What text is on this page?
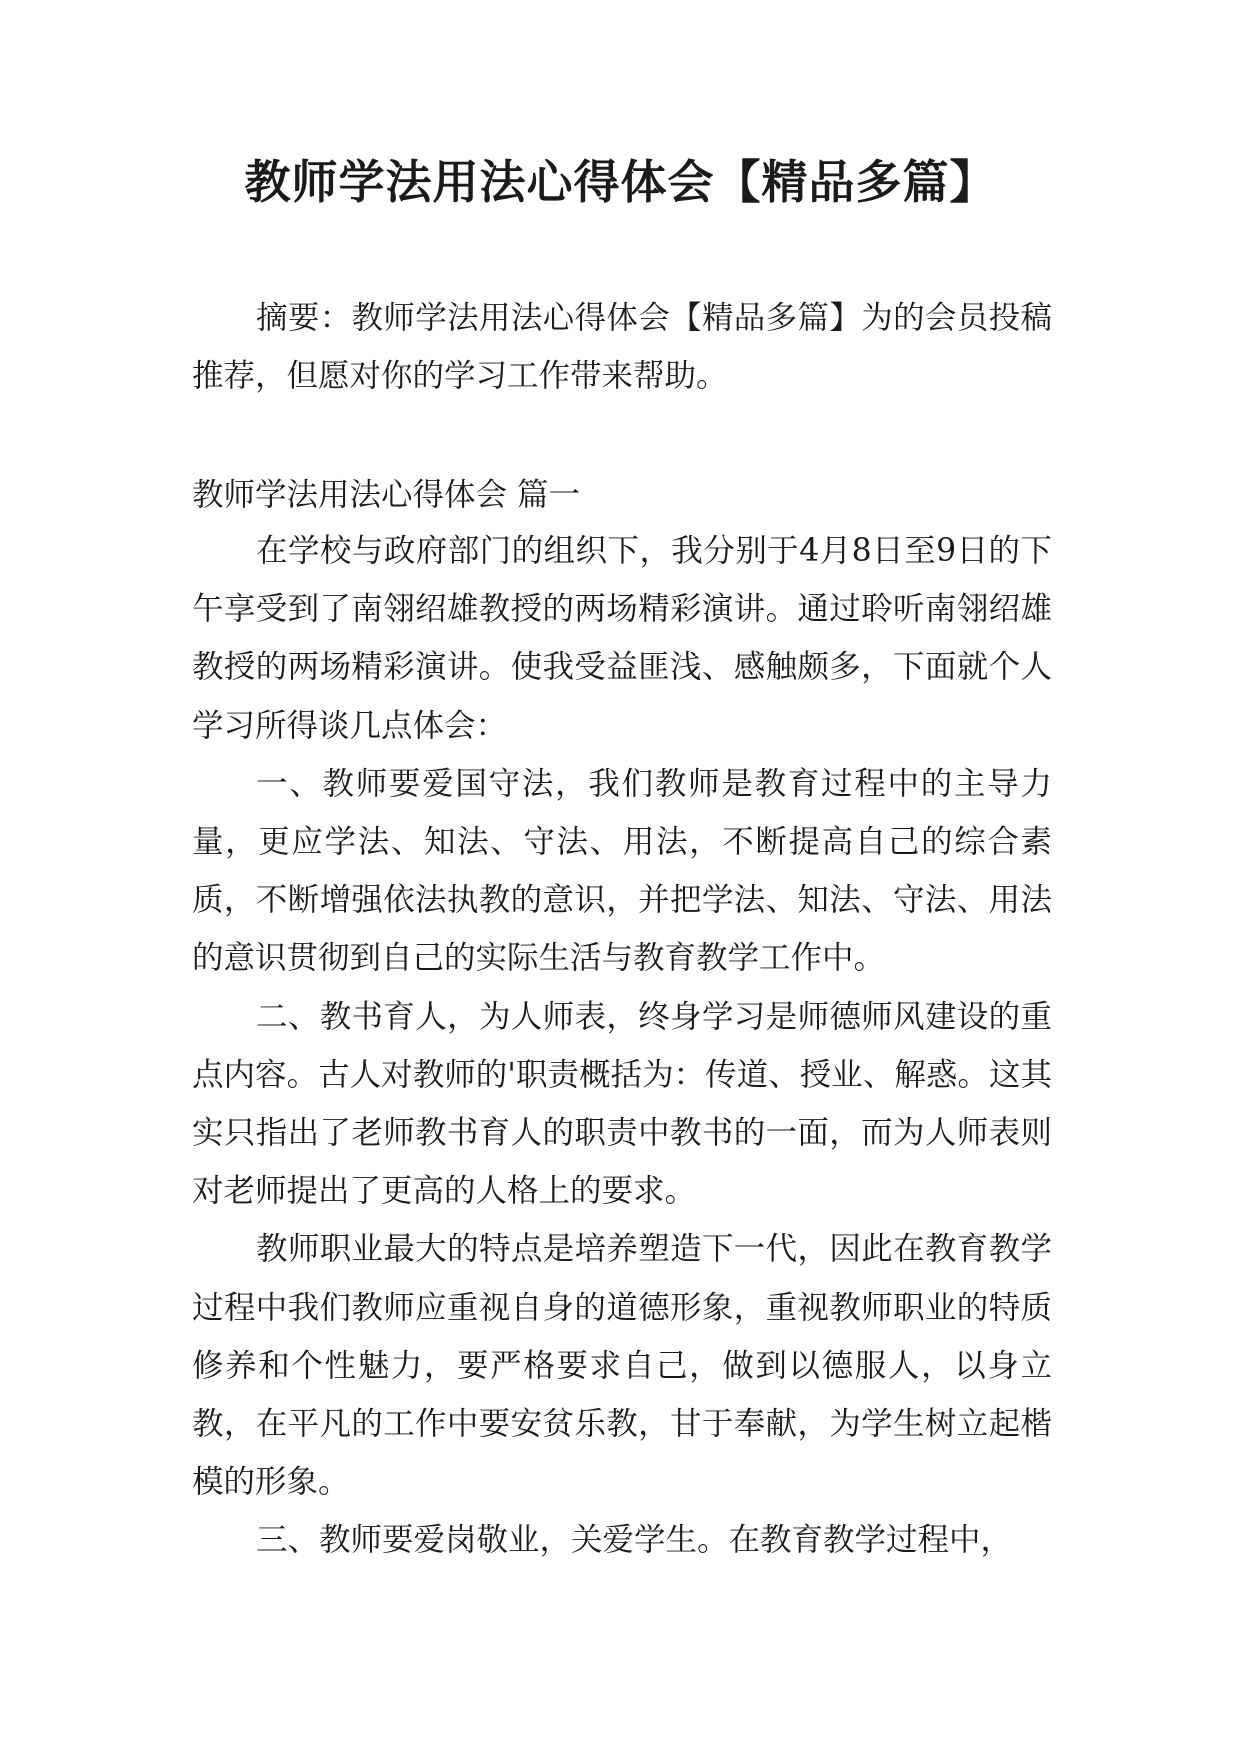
教师学法用法心得体会【精品多篇】

摘要：教师学法用法心得体会【精品多篇】为的会员投稿推荐，但愿对你的学习工作带来帮助。

教师学法用法心得体会 篇一

在学校与政府部门的组织下，我分别于4月8日至9日的下午享受到了南翎绍雄教授的两场精彩演讲。通过聆听南翎绍雄教授的两场精彩演讲。使我受益匪浅、感触颇多，下面就个人学习所得谈几点体会：

一、教师要爱国守法，我们教师是教育过程中的主导力量，更应学法、知法、守法、用法，不断提高自己的综合素质，不断增强依法执教的意识，并把学法、知法、守法、用法的意识贯彻到自己的实际生活与教育教学工作中。

二、教书育人，为人师表，终身学习是师德师风建设的重点内容。古人对教师的'职责概括为：传道、授业、解惑。这其实只指出了老师教书育人的职责中教书的一面，而为人师表则对老师提出了更高的人格上的要求。

教师职业最大的特点是培养塑造下一代，因此在教育教学过程中我们教师应重视自身的道德形象，重视教师职业的特质修养和个性魅力，要严格要求自己，做到以德服人，以身立教，在平凡的工作中要安贫乐教，甘于奉献，为学生树立起楷模的形象。

三、教师要爱岗敬业，关爱学生。在教育教学过程中，
